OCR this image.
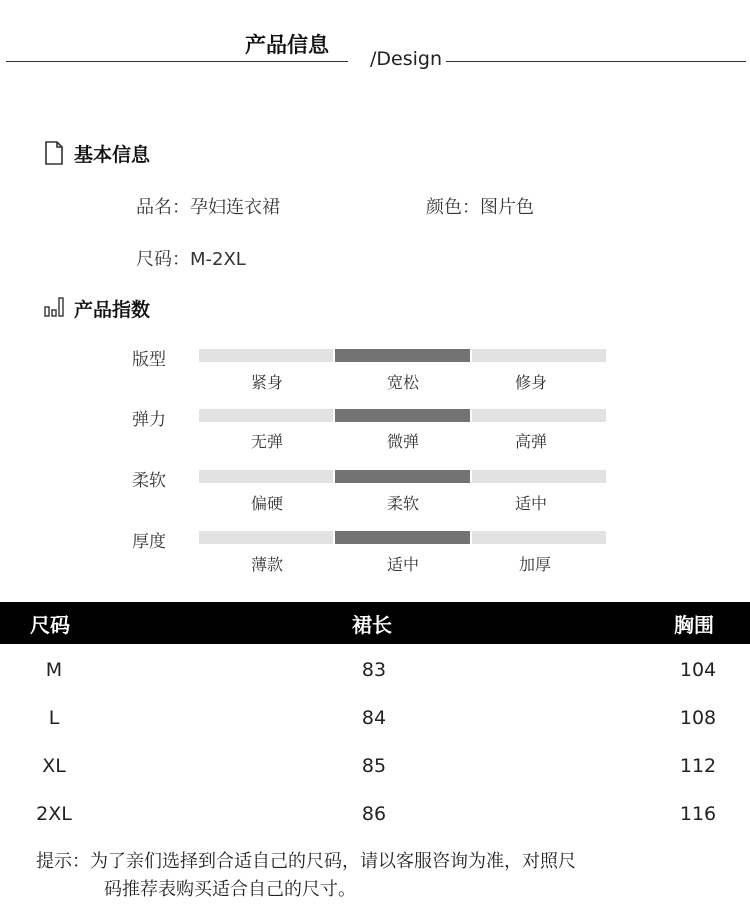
产品信息
/Design
基本信息
品名：孕妇连衣裙	颜色：图片色
尺码：M-2XL
产品指数
版型
紧身	宽松	修身
弹力
无弹	微弹	高弹
柔软
偏硬	柔软	适中
厚度
薄款	适中	加厚
尺码	裙长	胸围
M	83	104
L	84	108
XL	85	112
2XL	86	116
提示：为了亲们选择到合适自己的尺码，请以客服咨询为准，对照尺
码推荐表购买适合自己的尺寸。
